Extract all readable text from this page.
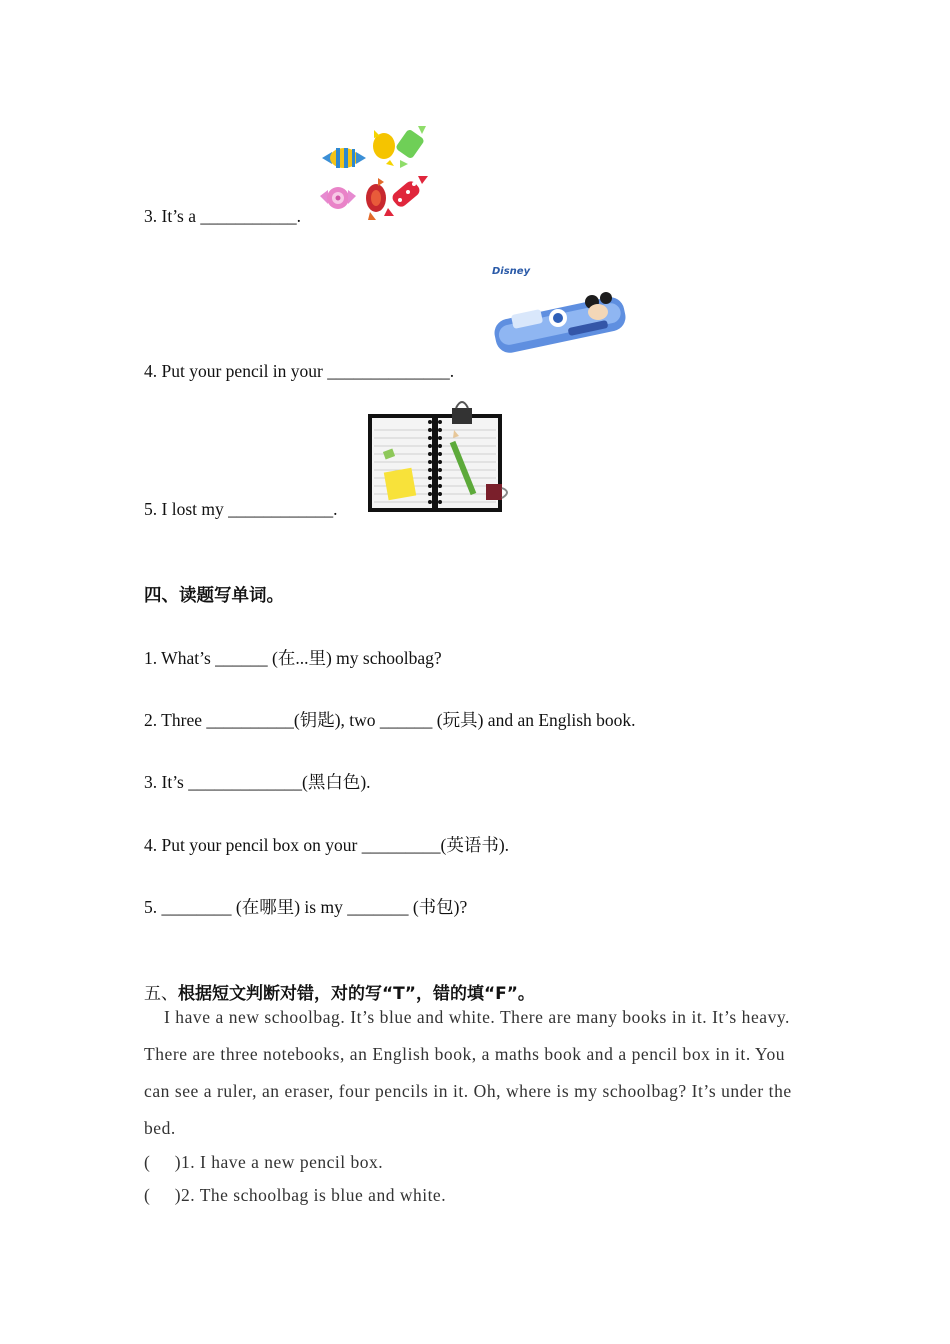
3. It’s a ___________.
4. Put your pencil in your ______________.
Disney
5. I lost my ____________.
四、读题写单词。
1. What’s ______ (在...里) my schoolbag?
2. Three __________(钥匙), two ______ (玩具) and an English book.
3. It’s _____________(黑白色).
4. Put your pencil box on your _________(英语书).
5. ________ (在哪里) is my _______ (书包)?
五、根据短文判断对错，对的写“T”，错的填“F”。
I have a new schoolbag. It’s blue and white. There are many books in it. It’s heavy. There are three notebooks, an English book, a maths book and a pencil box in it. You can see a ruler, an eraser, four pencils in it. Oh, where is my schoolbag? It’s under the bed.
(     )1. I have a new pencil box.
(     )2. The schoolbag is blue and white.
